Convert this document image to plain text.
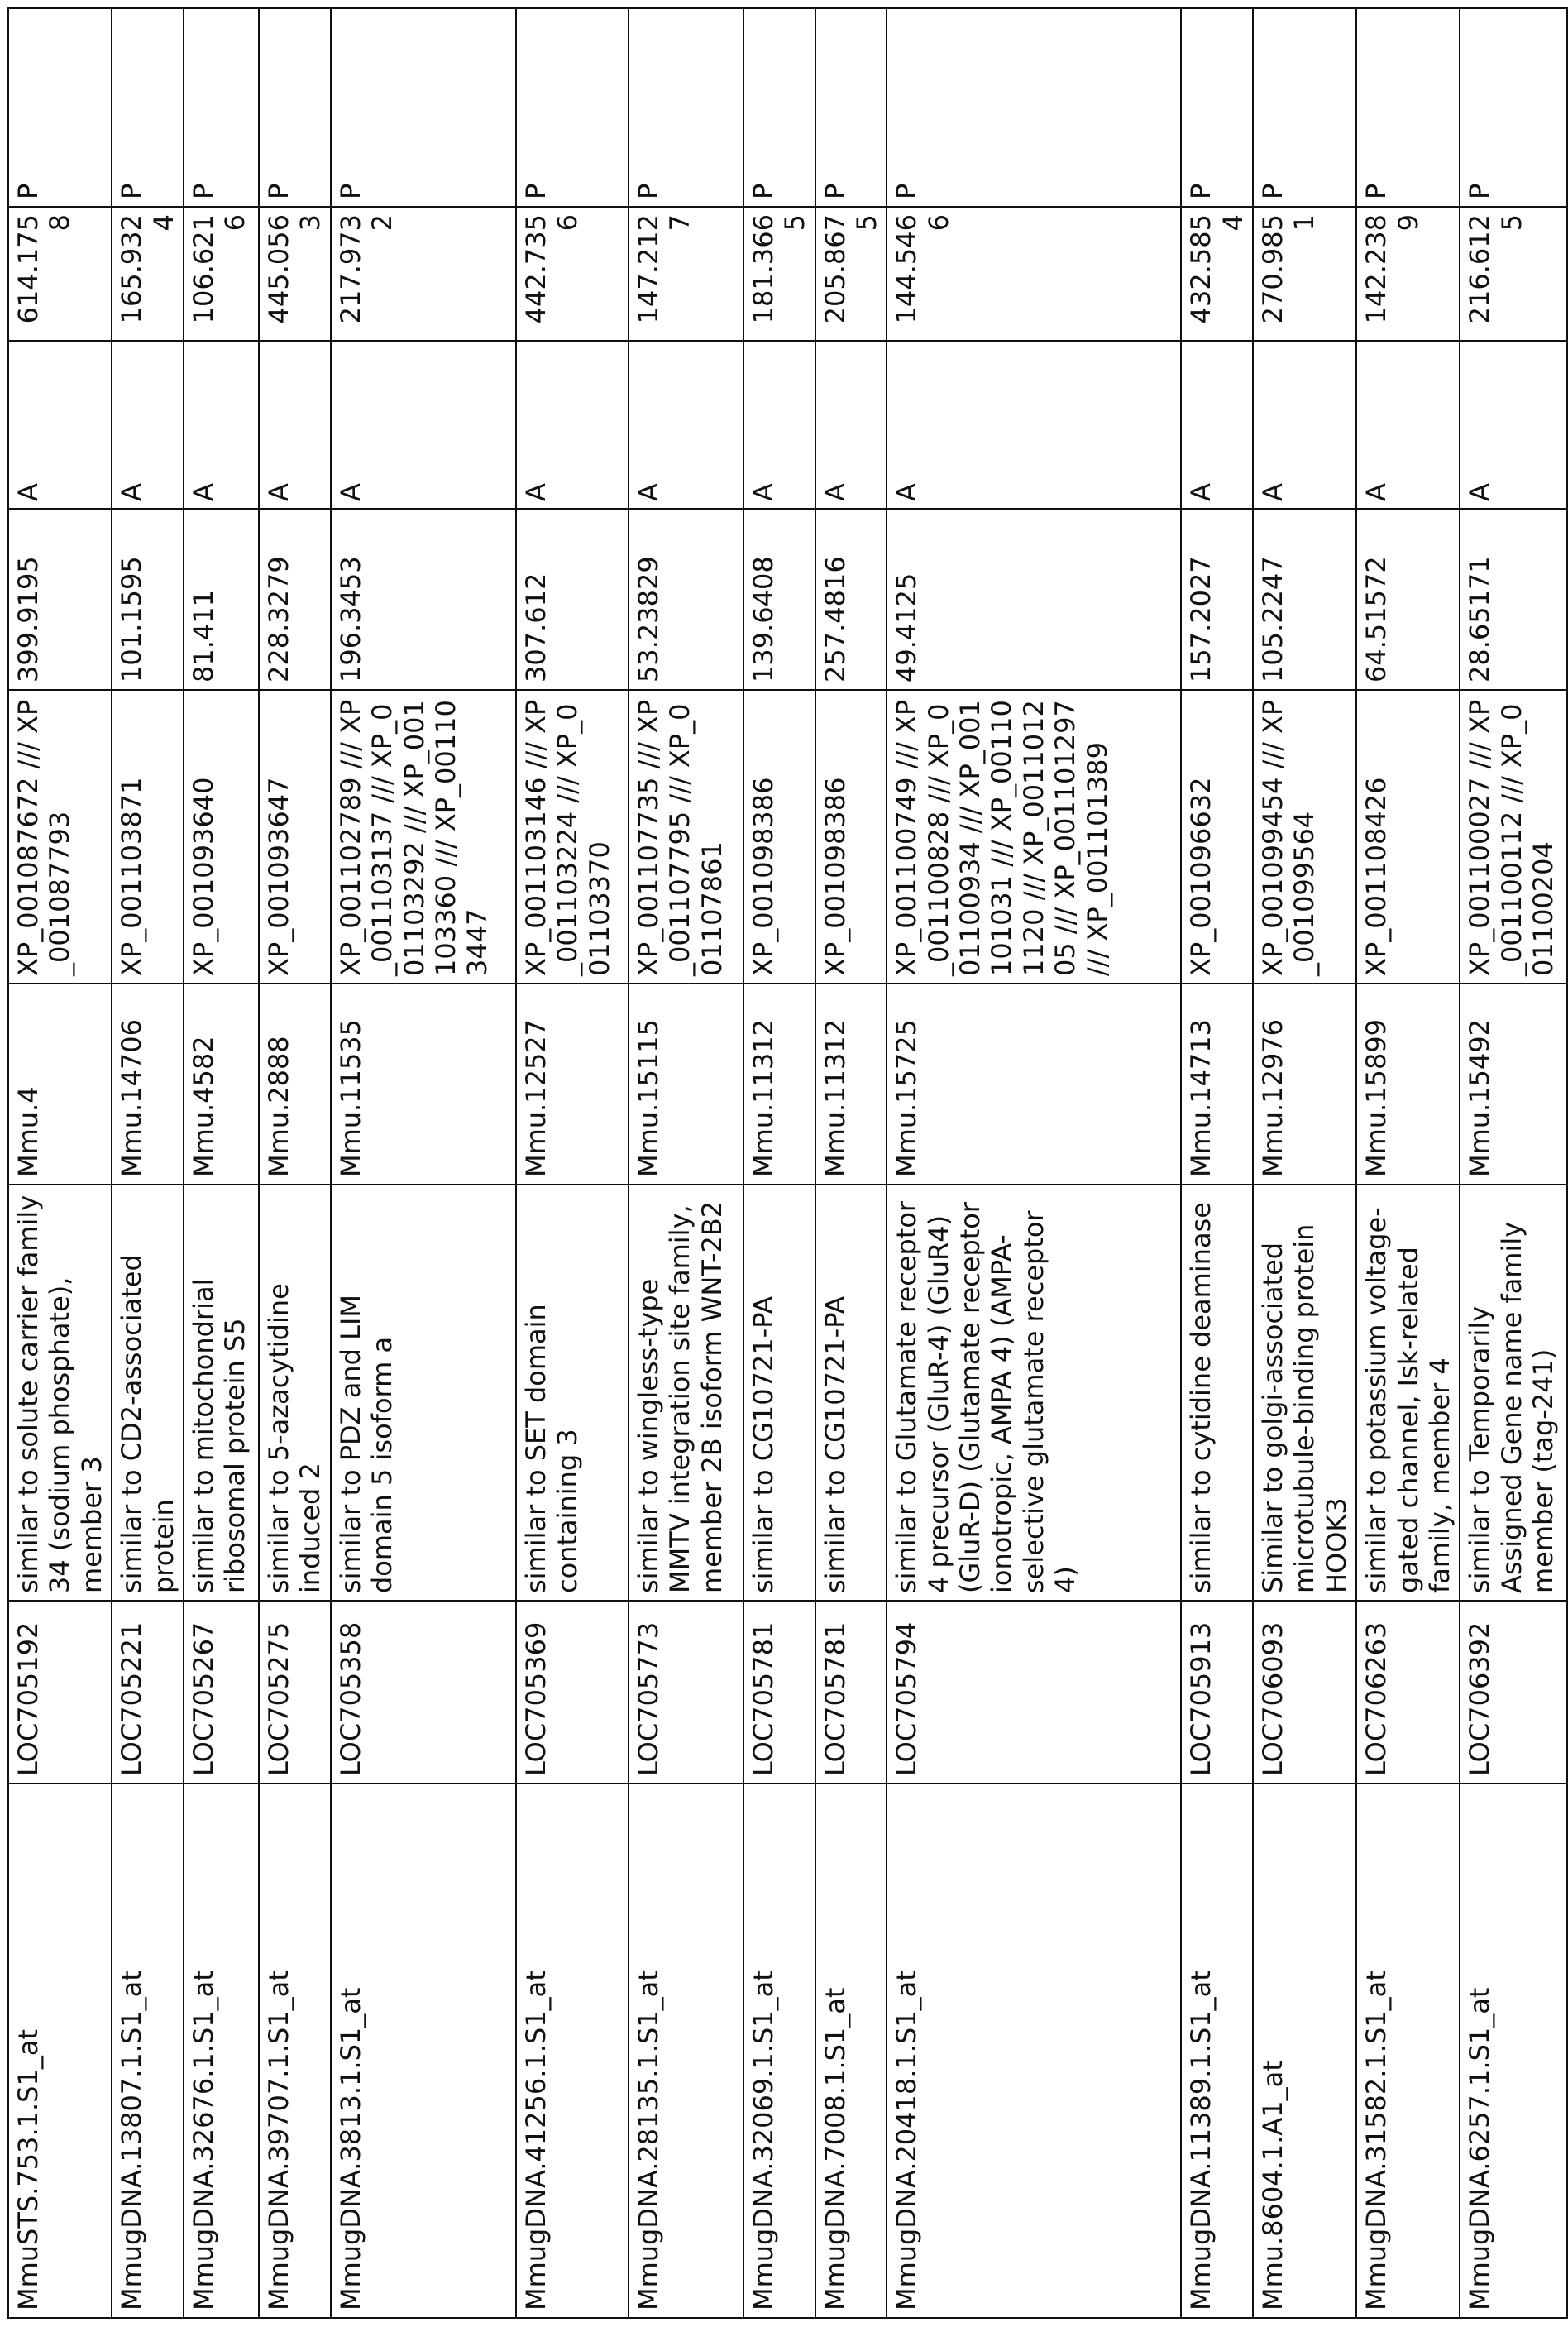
MmuSTS.753.1.S1_at	LOC705192	similar to solute carrier family 34 (sodium phosphate), member 3	Mmu.4	XP_001087672 /// XP_001087793	399.9195	A	614.1758	P
MmugDNA.13807.1.S1_at	LOC705221	similar to CD2-associated protein	Mmu.14706	XP_001103871	101.1595	A	165.9324	P
MmugDNA.32676.1.S1_at	LOC705267	similar to mitochondrial ribosomal protein S5	Mmu.4582	XP_001093640	81.411	A	106.6216	P
MmugDNA.39707.1.S1_at	LOC705275	similar to 5-azacytidine induced 2	Mmu.2888	XP_001093647	228.3279	A	445.0563	P
MmugDNA.3813.1.S1_at	LOC705358	similar to PDZ and LIM domain 5 isoform a	Mmu.11535	XP_001102789 /// XP_001103137 /// XP_001103292 /// XP_001103360 /// XP_001103447	196.3453	A	217.9732	P
MmugDNA.41256.1.S1_at	LOC705369	similar to SET domain containing 3	Mmu.12527	XP_001103146 /// XP_001103224 /// XP_001103370	307.612	A	442.7356	P
MmugDNA.28135.1.S1_at	LOC705773	similar to wingless-type MMTV integration site family, member 2B isoform WNT-2B2	Mmu.15115	XP_001107735 /// XP_001107795 /// XP_001107861	53.23829	A	147.2127	P
MmugDNA.32069.1.S1_at	LOC705781	similar to CG10721-PA	Mmu.11312	XP_001098386	139.6408	A	181.3665	P
MmugDNA.7008.1.S1_at	LOC705781	similar to CG10721-PA	Mmu.11312	XP_001098386	257.4816	A	205.8675	P
MmugDNA.20418.1.S1_at	LOC705794	similar to Glutamate receptor 4 precursor (GluR-4) (GluR4) (GluR-D) (Glutamate receptor ionotropic, AMPA 4) (AMPA-selective glutamate receptor 4)	Mmu.15725	XP_001100749 /// XP_001100828 /// XP_001100934 /// XP_001101031 /// XP_001101120 /// XP_001101205 /// XP_001101297 /// XP_001101389	49.4125	A	144.5466	P
MmugDNA.11389.1.S1_at	LOC705913	similar to cytidine deaminase	Mmu.14713	XP_001096632	157.2027	A	432.5854	P
Mmu.8604.1.A1_at	LOC706093	Similar to golgi-associated microtubule-binding protein HOOK3	Mmu.12976	XP_001099454 /// XP_001099564	105.2247	A	270.9851	P
MmugDNA.31582.1.S1_at	LOC706263	similar to potassium voltage-gated channel, Isk-related family, member 4	Mmu.15899	XP_001108426	64.51572	A	142.2389	P
MmugDNA.6257.1.S1_at	LOC706392	similar to Temporarily Assigned Gene name family member (tag-241)	Mmu.15492	XP_001100027 /// XP_001100112 /// XP_001100204	28.65171	A	216.6125	P
